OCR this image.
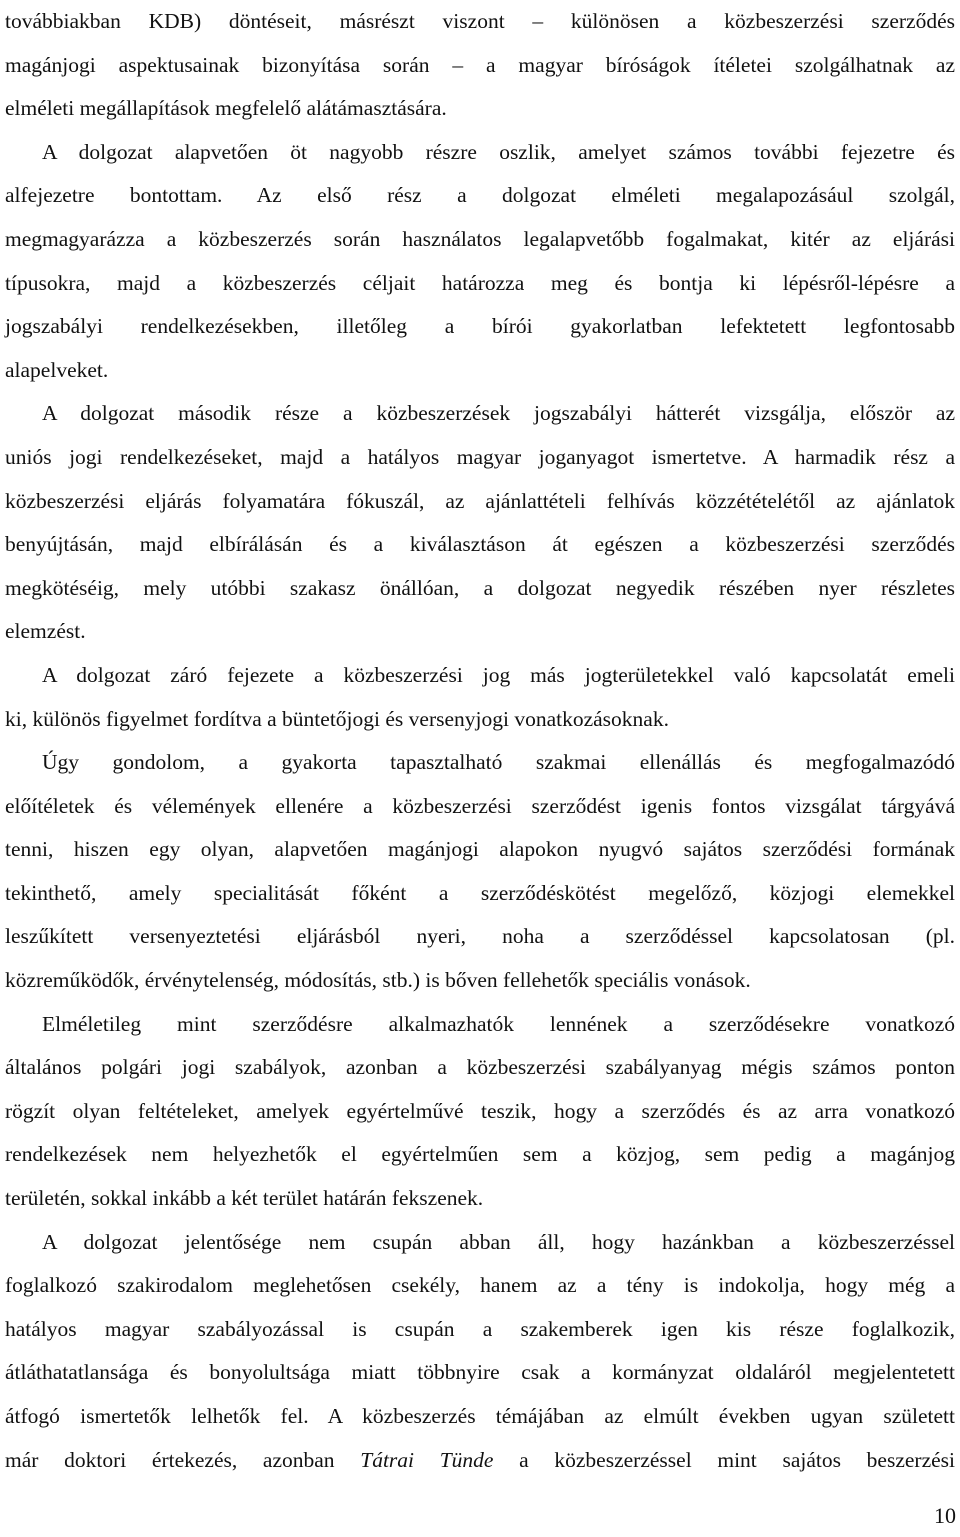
továbbiakban KDB) döntéseit, másrészt viszont – különösen a közbeszerzési szerződés
magánjogi aspektusainak bizonyítása során – a magyar bíróságok ítéletei szolgálhatnak az
elméleti megállapítások megfelelő alátámasztására.
A dolgozat alapvetően öt nagyobb részre oszlik, amelyet számos további fejezetre és
alfejezetre bontottam. Az első rész a dolgozat elméleti megalapozásául szolgál,
megmagyarázza a közbeszerzés során használatos legalapvetőbb fogalmakat, kitér az eljárási
típusokra, majd a közbeszerzés céljait határozza meg és bontja ki lépésről-lépésre a
jogszabályi rendelkezésekben, illetőleg a bírói gyakorlatban lefektetett legfontosabb
alapelveket.
A dolgozat második része a közbeszerzések jogszabályi hátterét vizsgálja, először az
uniós jogi rendelkezéseket, majd a hatályos magyar joganyagot ismertetve. A harmadik rész a
közbeszerzési eljárás folyamatára fókuszál, az ajánlattételi felhívás közzétételétől az ajánlatok
benyújtásán, majd elbírálásán és a kiválasztáson át egészen a közbeszerzési szerződés
megkötéséig, mely utóbbi szakasz önállóan, a dolgozat negyedik részében nyer részletes
elemzést.
A dolgozat záró fejezete a közbeszerzési jog más jogterületekkel való kapcsolatát emeli
ki, különös figyelmet fordítva a büntetőjogi és versenyjogi vonatkozásoknak.
Úgy gondolom, a gyakorta tapasztalható szakmai ellenállás és megfogalmazódó
előítéletek és vélemények ellenére a közbeszerzési szerződést igenis fontos vizsgálat tárgyává
tenni, hiszen egy olyan, alapvetően magánjogi alapokon nyugvó sajátos szerződési formának
tekinthető, amely specialitását főként a szerződéskötést megelőző, közjogi elemekkel
leszűkített versenyeztetési eljárásból nyeri, noha a szerződéssel kapcsolatosan (pl.
közreműködők, érvénytelenség, módosítás, stb.) is bőven fellehetők speciális vonások.
Elméletileg mint szerződésre alkalmazhatók lennének a szerződésekre vonatkozó
általános polgári jogi szabályok, azonban a közbeszerzési szabályanyag mégis számos ponton
rögzít olyan feltételeket, amelyek egyértelművé teszik, hogy a szerződés és az arra vonatkozó
rendelkezések nem helyezhetők el egyértelműen sem a közjog, sem pedig a magánjog
területén, sokkal inkább a két terület határán fekszenek.
A dolgozat jelentősége nem csupán abban áll, hogy hazánkban a közbeszerzéssel
foglalkozó szakirodalom meglehetősen csekély, hanem az a tény is indokolja, hogy még a
hatályos magyar szabályozással is csupán a szakemberek igen kis része foglalkozik,
átláthatatlansága és bonyolultsága miatt többnyire csak a kormányzat oldaláról megjelentetett
átfogó ismertetők lelhetők fel. A közbeszerzés témájában az elmúlt években ugyan született
már doktori értekezés, azonban Tátrai Tünde a közbeszerzéssel mint sajátos beszerzési
10
